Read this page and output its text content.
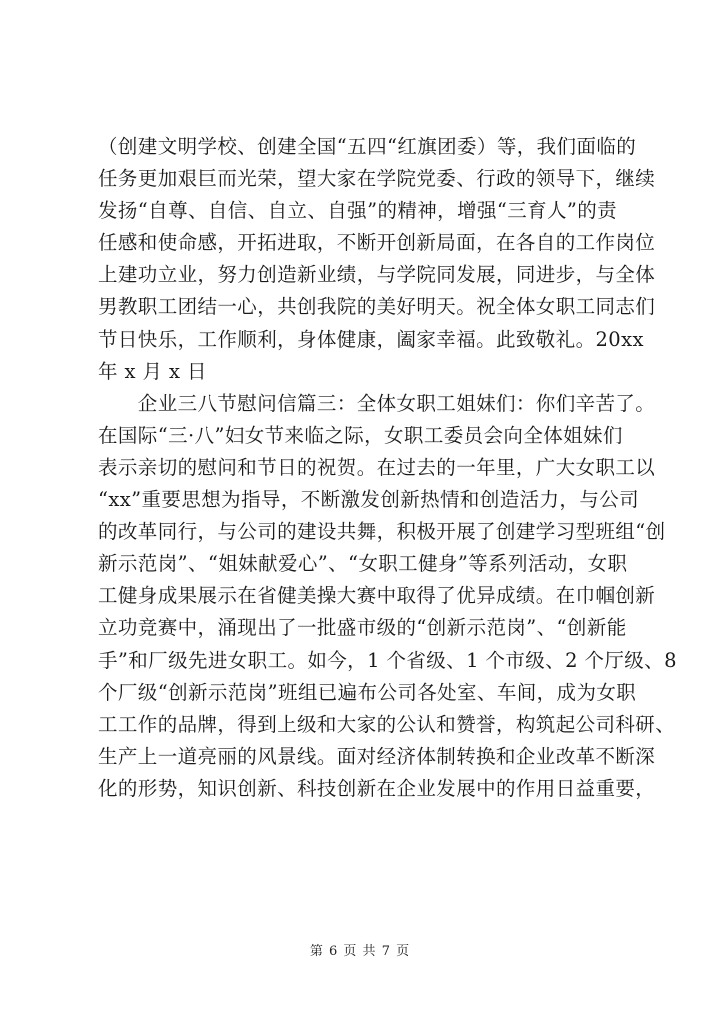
（创建文明学校、创建全国“五四“红旗团委）等，我们面临的
任务更加艰巨而光荣，望大家在学院党委、行政的领导下，继续
发扬“自尊、自信、自立、自强”的精神，增强“三育人”的责
任感和使命感，开拓进取，不断开创新局面，在各自的工作岗位
上建功立业，努力创造新业绩，与学院同发展，同进步，与全体
男教职工团结一心，共创我院的美好明天。祝全体女职工同志们
节日快乐，工作顺利，身体健康，阖家幸福。此致敬礼。20xx
年 x 月 x 日
　　企业三八节慰问信篇三：全体女职工姐妹们：你们辛苦了。
在国际“三·八”妇女节来临之际，女职工委员会向全体姐妹们
表示亲切的慰问和节日的祝贺。在过去的一年里，广大女职工以
“xx”重要思想为指导，不断激发创新热情和创造活力，与公司
的改革同行，与公司的建设共舞，积极开展了创建学习型班组“创
新示范岗”、“姐妹献爱心”、“女职工健身”等系列活动，女职
工健身成果展示在省健美操大赛中取得了优异成绩。在巾帼创新
立功竞赛中，涌现出了一批盛市级的“创新示范岗”、“创新能
手”和厂级先进女职工。如今，1 个省级、1 个市级、2 个厅级、8
个厂级“创新示范岗”班组已遍布公司各处室、车间，成为女职
工工作的品牌，得到上级和大家的公认和赞誉，构筑起公司科研、
生产上一道亮丽的风景线。面对经济体制转换和企业改革不断深
化的形势，知识创新、科技创新在企业发展中的作用日益重要，
第 6 页 共 7 页
